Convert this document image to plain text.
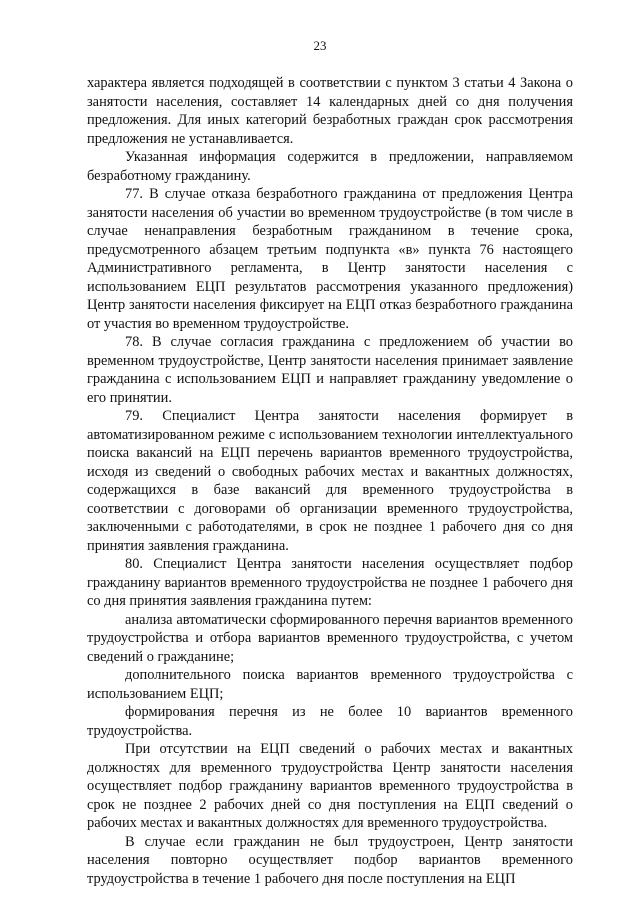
23

характера является подходящей в соответствии с пунктом 3 статьи 4 Закона о занятости населения, составляет 14 календарных дней со дня получения предложения. Для иных категорий безработных граждан срок рассмотрения предложения не устанавливается.

Указанная информация содержится в предложении, направляемом безработному гражданину.

77. В случае отказа безработного гражданина от предложения Центра занятости населения об участии во временном трудоустройстве (в том числе в случае ненаправления безработным гражданином в течение срока, предусмотренного абзацем третьим подпункта «в» пункта 76 настоящего Административного регламента, в Центр занятости населения с использованием ЕЦП результатов рассмотрения указанного предложения) Центр занятости населения фиксирует на ЕЦП отказ безработного гражданина от участия во временном трудоустройстве.

78. В случае согласия гражданина с предложением об участии во временном трудоустройстве, Центр занятости населения принимает заявление гражданина с использованием ЕЦП и направляет гражданину уведомление о его принятии.

79. Специалист Центра занятости населения формирует в автоматизированном режиме с использованием технологии интеллектуального поиска вакансий на ЕЦП перечень вариантов временного трудоустройства, исходя из сведений о свободных рабочих местах и вакантных должностях, содержащихся в базе вакансий для временного трудоустройства в соответствии с договорами об организации временного трудоустройства, заключенными с работодателями, в срок не позднее 1 рабочего дня со дня принятия заявления гражданина.

80. Специалист Центра занятости населения осуществляет подбор гражданину вариантов временного трудоустройства не позднее 1 рабочего дня со дня принятия заявления гражданина путем:

анализа автоматически сформированного перечня вариантов временного трудоустройства и отбора вариантов временного трудоустройства, с учетом сведений о гражданине;

дополнительного поиска вариантов временного трудоустройства с использованием ЕЦП;

формирования перечня из не более 10 вариантов временного трудоустройства.

При отсутствии на ЕЦП сведений о рабочих местах и вакантных должностях для временного трудоустройства Центр занятости населения осуществляет подбор гражданину вариантов временного трудоустройства в срок не позднее 2 рабочих дней со дня поступления на ЕЦП сведений о рабочих местах и вакантных должностях для временного трудоустройства.

В случае если гражданин не был трудоустроен, Центр занятости населения повторно осуществляет подбор вариантов временного трудоустройства в течение 1 рабочего дня после поступления на ЕЦП
